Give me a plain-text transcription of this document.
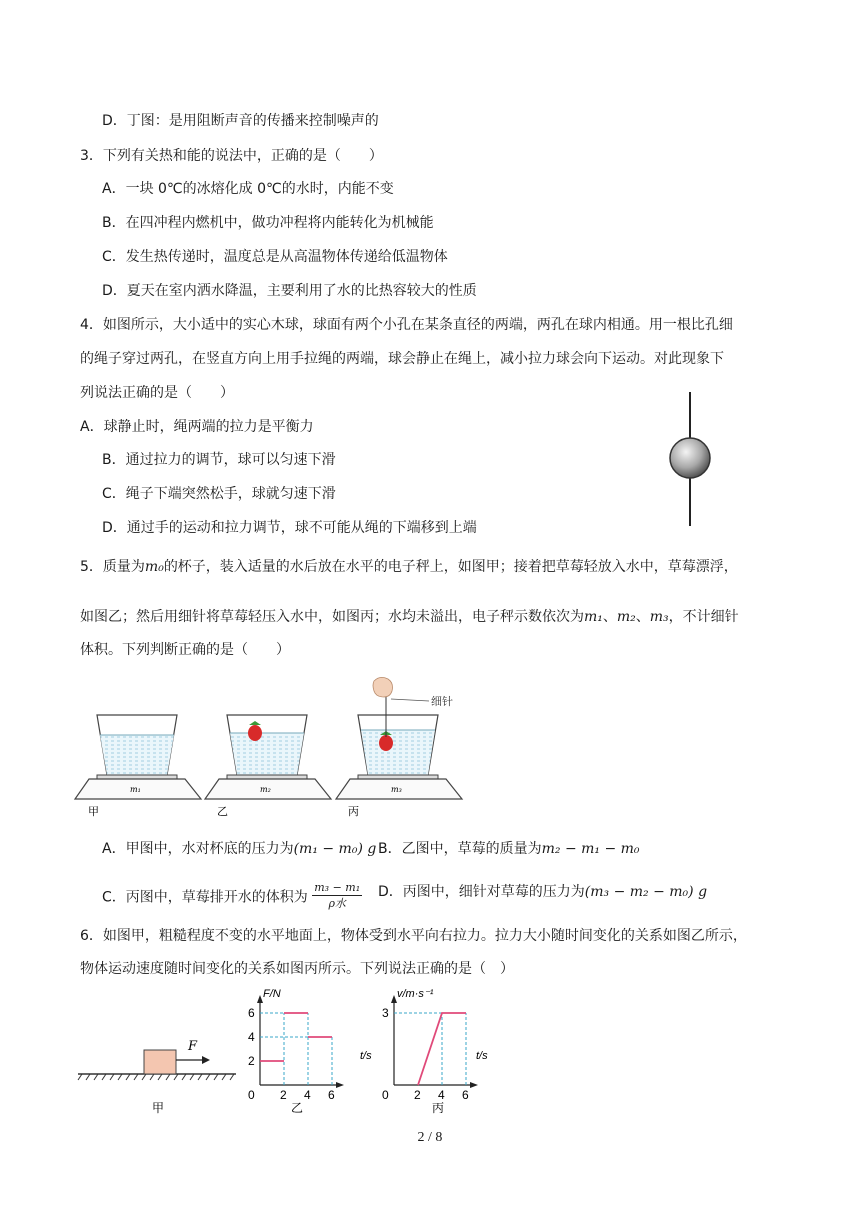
D．丁图：是用阻断声音的传播来控制噪声的
3．下列有关热和能的说法中，正确的是（　　）
A．一块 0℃的冰熔化成 0℃的水时，内能不变
B．在四冲程内燃机中，做功冲程将内能转化为机械能
C．发生热传递时，温度总是从高温物体传递给低温物体
D．夏天在室内洒水降温，主要利用了水的比热容较大的性质
4．如图所示，大小适中的实心木球，球面有两个小孔在某条直径的两端，两孔在球内相通。用一根比孔细
的绳子穿过两孔，在竖直方向上用手拉绳的两端，球会静止在绳上，减小拉力球会向下运动。对此现象下
列说法正确的是（　　）
A．球静止时，绳两端的拉力是平衡力
B．通过拉力的调节，球可以匀速下滑
C．绳子下端突然松手，球就匀速下滑
D．通过手的运动和拉力调节，球不可能从绳的下端移到上端
5．质量为m₀的杯子，装入适量的水后放在水平的电子秤上，如图甲；接着把草莓轻放入水中，草莓漂浮，
如图乙；然后用细针将草莓轻压入水中，如图丙；水均未溢出，电子秤示数依次为m₁、m₂、m₃，不计细针
体积。下列判断正确的是（　　）
细针
m₁	m₂	m₃
甲	乙	丙
A．甲图中，水对杯底的压力为(m₁ − m₀) g B．乙图中，草莓的质量为m₂ − m₁ − m₀
C．丙图中，草莓排开水的体积为
m₃ − m₁
ρ水
D．丙图中，细针对草莓的压力为(m₃ − m₂ − m₀) g
6．如图甲，粗糙程度不变的水平地面上，物体受到水平向右拉力。拉力大小随时间变化的关系如图乙所示，
物体运动速度随时间变化的关系如图丙所示。下列说法正确的是（　）
F
甲
0 2 4 6
2
4
6
t/s
F/N
乙
0 2 4 6
3
t/s
v/m·s⁻¹
丙
2 / 8
